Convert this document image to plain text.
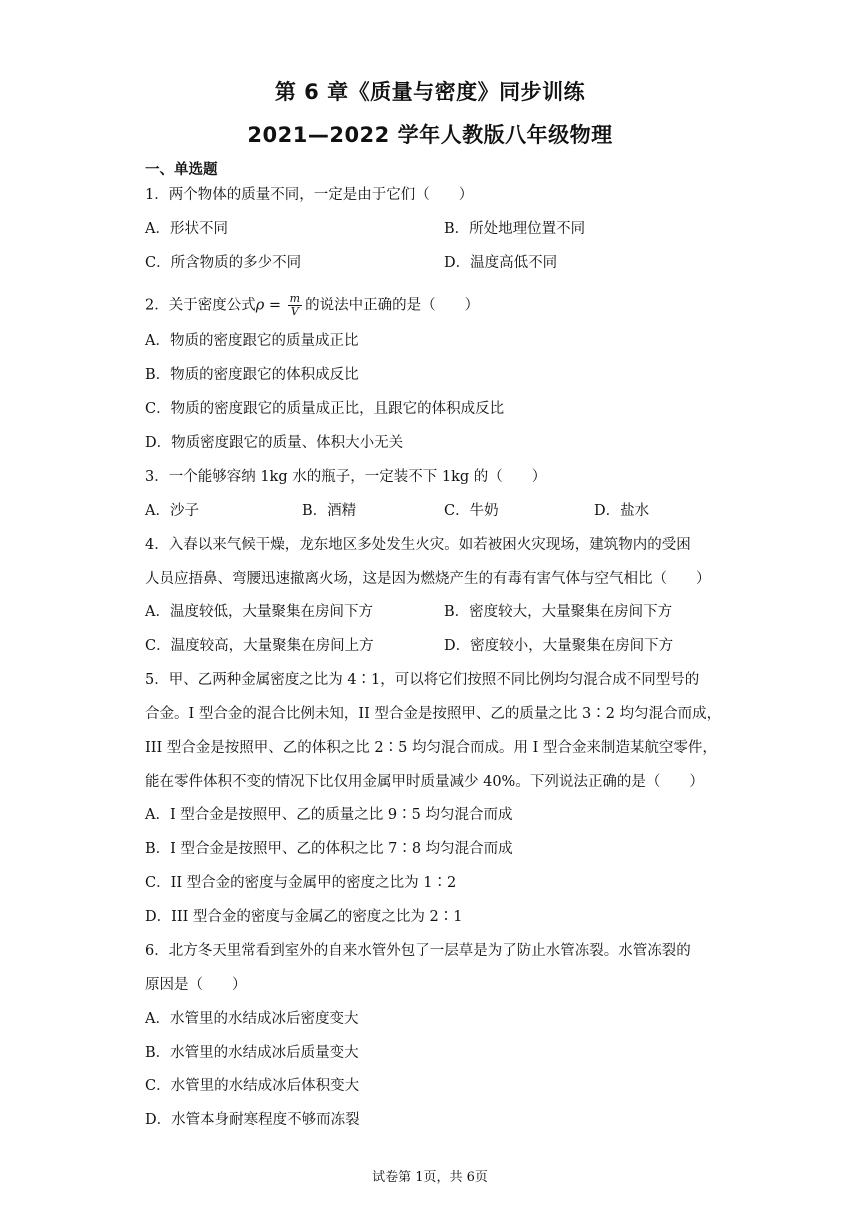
第 6 章《质量与密度》同步训练
2021—2022 学年人教版八年级物理
一、单选题
1．两个物体的质量不同，一定是由于它们（　　）
A．形状不同	B．所处地理位置不同
C．所含物质的多少不同	D．温度高低不同
2．关于密度公式$\rho = \frac{m}{V}$ 的说法中正确的是（　　）
A．物质的密度跟它的质量成正比
B．物质的密度跟它的体积成反比
C．物质的密度跟它的质量成正比，且跟它的体积成反比
D．物质密度跟它的质量、体积大小无关
3．一个能够容纳 1kg 水的瓶子，一定装不下 1kg 的（　　）
A．沙子	B．酒精	C．牛奶	D．盐水
4．入春以来气候干燥，龙东地区多处发生火灾。如若被困火灾现场，建筑物内的受困
人员应捂鼻、弯腰迅速撤离火场，这是因为燃烧产生的有毒有害气体与空气相比（　　）
A．温度较低，大量聚集在房间下方	B．密度较大，大量聚集在房间下方
C．温度较高，大量聚集在房间上方	D．密度较小，大量聚集在房间下方
5．甲、乙两种金属密度之比为 4∶1，可以将它们按照不同比例均匀混合成不同型号的
合金。I 型合金的混合比例未知，II 型合金是按照甲、乙的质量之比 3∶2 均匀混合而成，
III 型合金是按照甲、乙的体积之比 2∶5 均匀混合而成。用 I 型合金来制造某航空零件，
能在零件体积不变的情况下比仅用金属甲时质量减少 40%。下列说法正确的是（　　）
A．I 型合金是按照甲、乙的质量之比 9∶5 均匀混合而成
B．I 型合金是按照甲、乙的体积之比 7∶8 均匀混合而成
C．II 型合金的密度与金属甲的密度之比为 1∶2
D．III 型合金的密度与金属乙的密度之比为 2∶1
6．北方冬天里常看到室外的自来水管外包了一层草是为了防止水管冻裂。水管冻裂的
原因是（　　）
A．水管里的水结成冰后密度变大
B．水管里的水结成冰后质量变大
C．水管里的水结成冰后体积变大
D．水管本身耐寒程度不够而冻裂
试卷第 1页，共 6页
